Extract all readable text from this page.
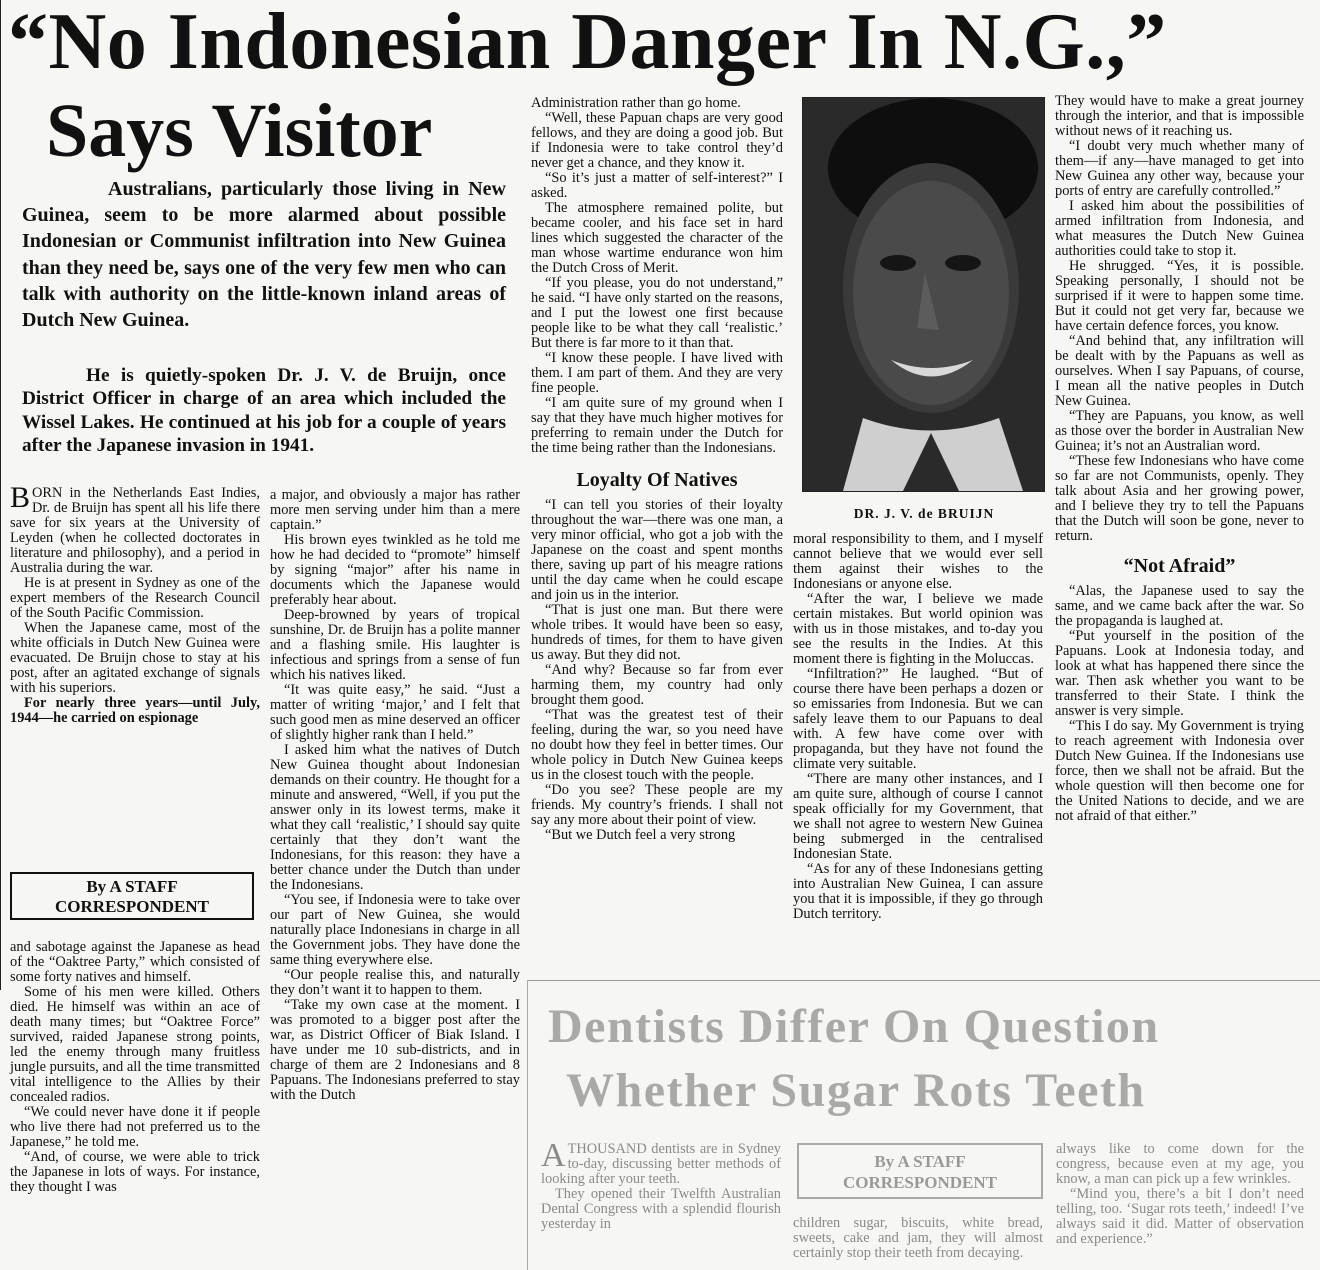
“No Indonesian Danger In N.G.,”
Says Visitor

Australians, particularly those living in New Guinea, seem to be more alarmed about possible Indonesian or Communist infiltration into New Guinea than they need be, says one of the very few men who can talk with authority on the little-known inland areas of Dutch New Guinea.

He is quietly-spoken Dr. J. V. de Bruijn, once District Officer in charge of an area which included the Wissel Lakes. He continued at his job for a couple of years after the Japanese invasion in 1941.

BORN in the Netherlands East Indies, Dr. de Bruijn has spent all his life there save for six years at the University of Leyden (when he collected doctorates in literature and philosophy), and a period in Australia during the war.

He is at present in Sydney as one of the expert members of the Research Council of the South Pacific Commission.

When the Japanese came, most of the white officials in Dutch New Guinea were evacuated. De Bruijn chose to stay at his post, after an agitated exchange of signals with his superiors.

For nearly three years—until July, 1944—he carried on espionage

By A STAFF
CORRESPONDENT

and sabotage against the Japanese as head of the “Oaktree Party,” which consisted of some forty natives and himself.

Some of his men were killed. Others died. He himself was within an ace of death many times; but “Oaktree Force” survived, raided Japanese strong points, led the enemy through many fruitless jungle pursuits, and all the time transmitted vital intelligence to the Allies by their concealed radios.

“We could never have done it if people who live there had not preferred us to the Japanese,” he told me.

“And, of course, we were able to trick the Japanese in lots of ways. For instance, they thought I was

a major, and obviously a major has rather more men serving under him than a mere captain.”

His brown eyes twinkled as he told me how he had decided to “promote” himself by signing “major” after his name in documents which the Japanese would preferably hear about.

Deep-browned by years of tropical sunshine, Dr. de Bruijn has a polite manner and a flashing smile. His laughter is infectious and springs from a sense of fun which his natives liked.

“It was quite easy,” he said. “Just a matter of writing ‘major,’ and I felt that such good men as mine deserved an officer of slightly higher rank than I held.”

I asked him what the natives of Dutch New Guinea thought about Indonesian demands on their country. He thought for a minute and answered, “Well, if you put the answer only in its lowest terms, make it what they call ‘realistic,’ I should say quite certainly that they don’t want the Indonesians, for this reason: they have a better chance under the Dutch than under the Indonesians.

“You see, if Indonesia were to take over our part of New Guinea, she would naturally place Indonesians in charge in all the Government jobs. They have done the same thing everywhere else.

“Our people realise this, and naturally they don’t want it to happen to them.

“Take my own case at the moment. I was promoted to a bigger post after the war, as District Officer of Biak Island. I have under me 10 sub-districts, and in charge of them are 2 Indonesians and 8 Papuans. The Indonesians preferred to stay with the Dutch

Administration rather than go home.

“Well, these Papuan chaps are very good fellows, and they are doing a good job. But if Indonesia were to take control they’d never get a chance, and they know it.

“So it’s just a matter of self-interest?” I asked.

The atmosphere remained polite, but became cooler, and his face set in hard lines which suggested the character of the man whose wartime endurance won him the Dutch Cross of Merit.

“If you please, you do not understand,” he said. “I have only started on the reasons, and I put the lowest one first because people like to be what they call ‘realistic.’ But there is far more to it than that.

“I know these people. I have lived with them. I am part of them. And they are very fine people.

“I am quite sure of my ground when I say that they have much higher motives for preferring to remain under the Dutch for the time being rather than the Indonesians.

Loyalty Of Natives

“I can tell you stories of their loyalty throughout the war—there was one man, a very minor official, who got a job with the Japanese on the coast and spent months there, saving up part of his meagre rations until the day came when he could escape and join us in the interior.

“That is just one man. But there were whole tribes. It would have been so easy, hundreds of times, for them to have given us away. But they did not.

“And why? Because so far from ever harming them, my country had only brought them good.

“That was the greatest test of their feeling, during the war, so you need have no doubt how they feel in better times. Our whole policy in Dutch New Guinea keeps us in the closest touch with the people.

“Do you see? These people are my friends. My country’s friends. I shall not say any more about their point of view.

“But we Dutch feel a very strong

DR. J. V. de BRUIJN

moral responsibility to them, and I myself cannot believe that we would ever sell them against their wishes to the Indonesians or anyone else.

“After the war, I believe we made certain mistakes. But world opinion was with us in those mistakes, and to-day you see the results in the Indies. At this moment there is fighting in the Moluccas.

“Infiltration?” He laughed. “But of course there have been perhaps a dozen or so emissaries from Indonesia. But we can safely leave them to our Papuans to deal with. A few have come over with propaganda, but they have not found the climate very suitable.

“There are many other instances, and I am quite sure, although of course I cannot speak officially for my Government, that we shall not agree to western New Guinea being submerged in the centralised Indonesian State.

“As for any of these Indonesians getting into Australian New Guinea, I can assure you that it is impossible, if they go through Dutch territory.

They would have to make a great journey through the interior, and that is impossible without news of it reaching us.

“I doubt very much whether many of them—if any—have managed to get into New Guinea any other way, because your ports of entry are carefully controlled.”

I asked him about the possibilities of armed infiltration from Indonesia, and what measures the Dutch New Guinea authorities could take to stop it.

He shrugged. “Yes, it is possible. Speaking personally, I should not be surprised if it were to happen some time. But it could not get very far, because we have certain defence forces, you know.

“And behind that, any infiltration will be dealt with by the Papuans as well as ourselves. When I say Papuans, of course, I mean all the native peoples in Dutch New Guinea.

“They are Papuans, you know, as well as those over the border in Australian New Guinea; it’s not an Australian word.

“These few Indonesians who have come so far are not Communists, openly. They talk about Asia and her growing power, and I believe they try to tell the Papuans that the Dutch will soon be gone, never to return.

“Not Afraid”

“Alas, the Japanese used to say the same, and we came back after the war. So the propaganda is laughed at.

“Put yourself in the position of the Papuans. Look at Indonesia today, and look at what has happened there since the war. Then ask whether you want to be transferred to their State. I think the answer is very simple.

“This I do say. My Government is trying to reach agreement with Indonesia over Dutch New Guinea. If the Indonesians use force, then we shall not be afraid. But the whole question will then become one for the United Nations to decide, and we are not afraid of that either.”

Dentists Differ On Question
Whether Sugar Rots Teeth

ATHOUSAND dentists are in Sydney to-day, discussing better methods of looking after your teeth.

They opened their Twelfth Australian Dental Congress with a splendid flourish yesterday in

By A STAFF
CORRESPONDENT

children sugar, biscuits, white bread, sweets, cake and jam, they will almost certainly stop their teeth from decaying.

always like to come down for the congress, because even at my age, you know, a man can pick up a few wrinkles.

“Mind you, there’s a bit I don’t need telling, too. ‘Sugar rots teeth,’ indeed! I’ve always said it did. Matter of observation and experience.”
